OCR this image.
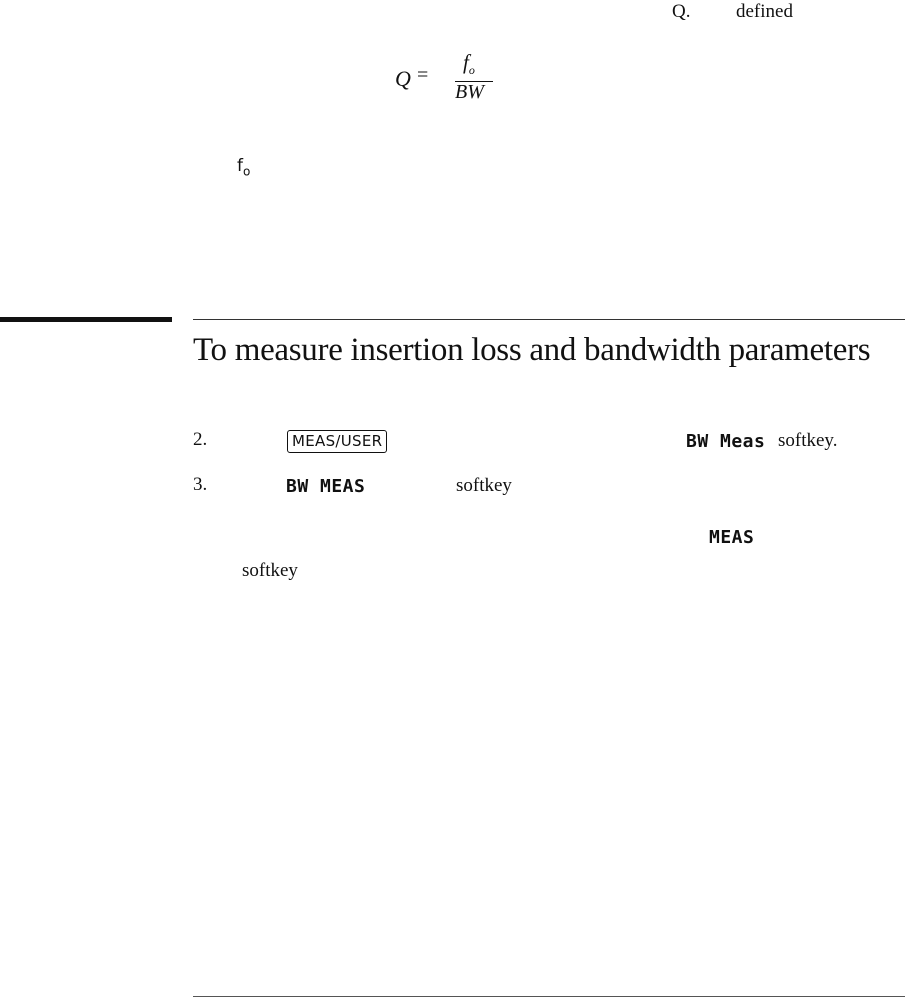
Q. defined
Q =
$f_o$
BW
$f_o$
To measure insertion loss and bandwidth parameters
2.	MEAS/USER	BW Meas softkey.
3.	BW MEAS	softkey
MEAS
softkey
